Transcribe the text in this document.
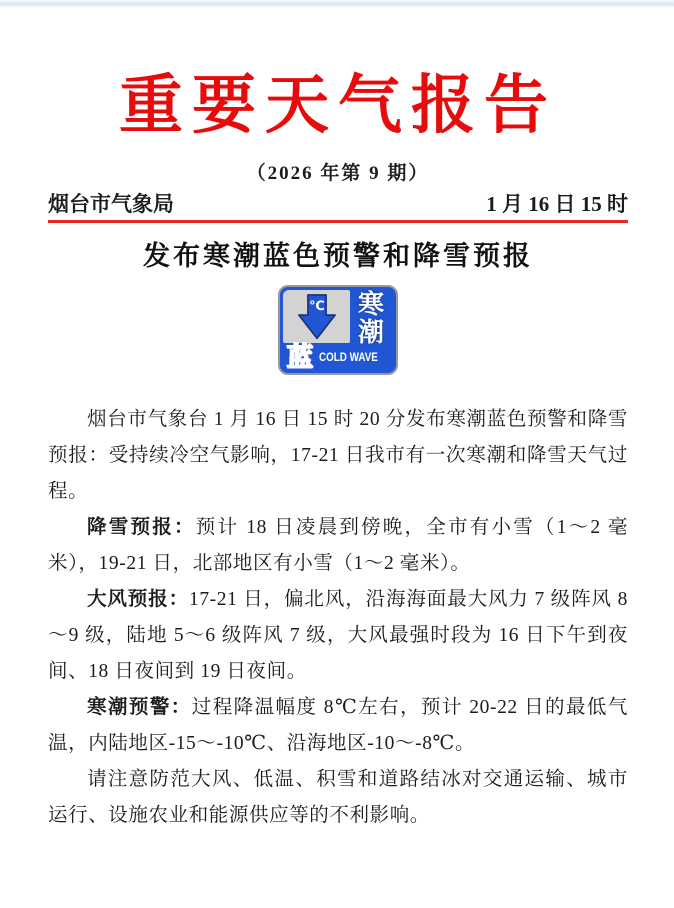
重要天气报告
（2026 年第 9 期）
烟台市气象局	1 月 16 日 15 时
发布寒潮蓝色预警和降雪预报
℃ 寒
潮
蓝 COLD WAVE

烟台市气象台 1 月 16 日 15 时 20 分发布寒潮蓝色预警和降雪预报：受持续冷空气影响，17-21 日我市有一次寒潮和降雪天气过程。

降雪预报：预计 18 日凌晨到傍晚，全市有小雪（1～2 毫米），19-21 日，北部地区有小雪（1～2 毫米）。

大风预报：17-21 日，偏北风，沿海海面最大风力 7 级阵风 8～9 级，陆地 5～6 级阵风 7 级，大风最强时段为 16 日下午到夜间、18 日夜间到 19 日夜间。

寒潮预警：过程降温幅度 8℃左右，预计 20-22 日的最低气温，内陆地区-15～-10℃、沿海地区-10～-8℃。

请注意防范大风、低温、积雪和道路结冰对交通运输、城市运行、设施农业和能源供应等的不利影响。
